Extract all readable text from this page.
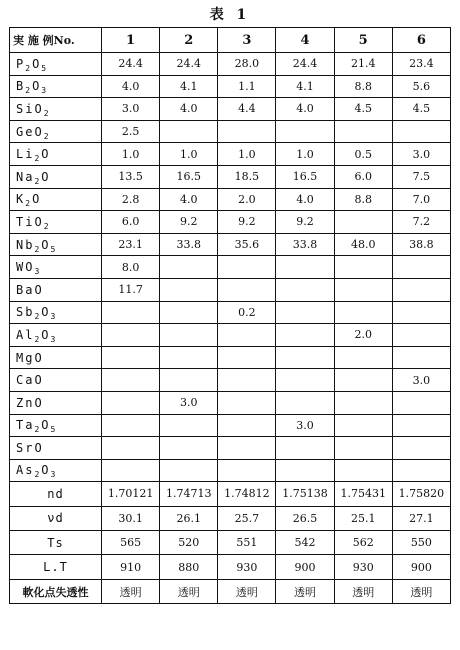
表 1
実 施 例No.	1	2	3	4	5	6
$P_2O_5$	24.4	24.4	28.0	24.4	21.4	23.4
$B_2O_3$	4.0	4.1	1.1	4.1	8.8	5.6
SiO$_2$	3.0	4.0	4.4	4.0	4.5	4.5
GeO$_2$	2.5					
$Li_2O$	1.0	1.0	1.0	1.0	0.5	3.0
$Na_2O$	13.5	16.5	18.5	16.5	6.0	7.5
$K_2O$	2.8	4.0	2.0	4.0	8.8	7.0
TiO$_2$	6.0	9.2	9.2	9.2		7.2
$Nb_2O_5$	23.1	33.8	35.6	33.8	48.0	38.8
$WO_3$	8.0					
BaO	11.7					
$Sb_2O_3$			0.2			
$Al_2O_3$					2.0	
MgO						
CaO						3.0
ZnO		3.0				
$Ta_2O_5$				3.0		
SrO						
$As_2O_3$						
nd	1.70121	1.74713	1.74812	1.75138	1.75431	1.75820
νd	30.1	26.1	25.7	26.5	25.1	27.1
Ts	565	520	551	542	562	550
L.T	910	880	930	900	930	900
軟化点失透性	透明	透明	透明	透明	透明	透明
